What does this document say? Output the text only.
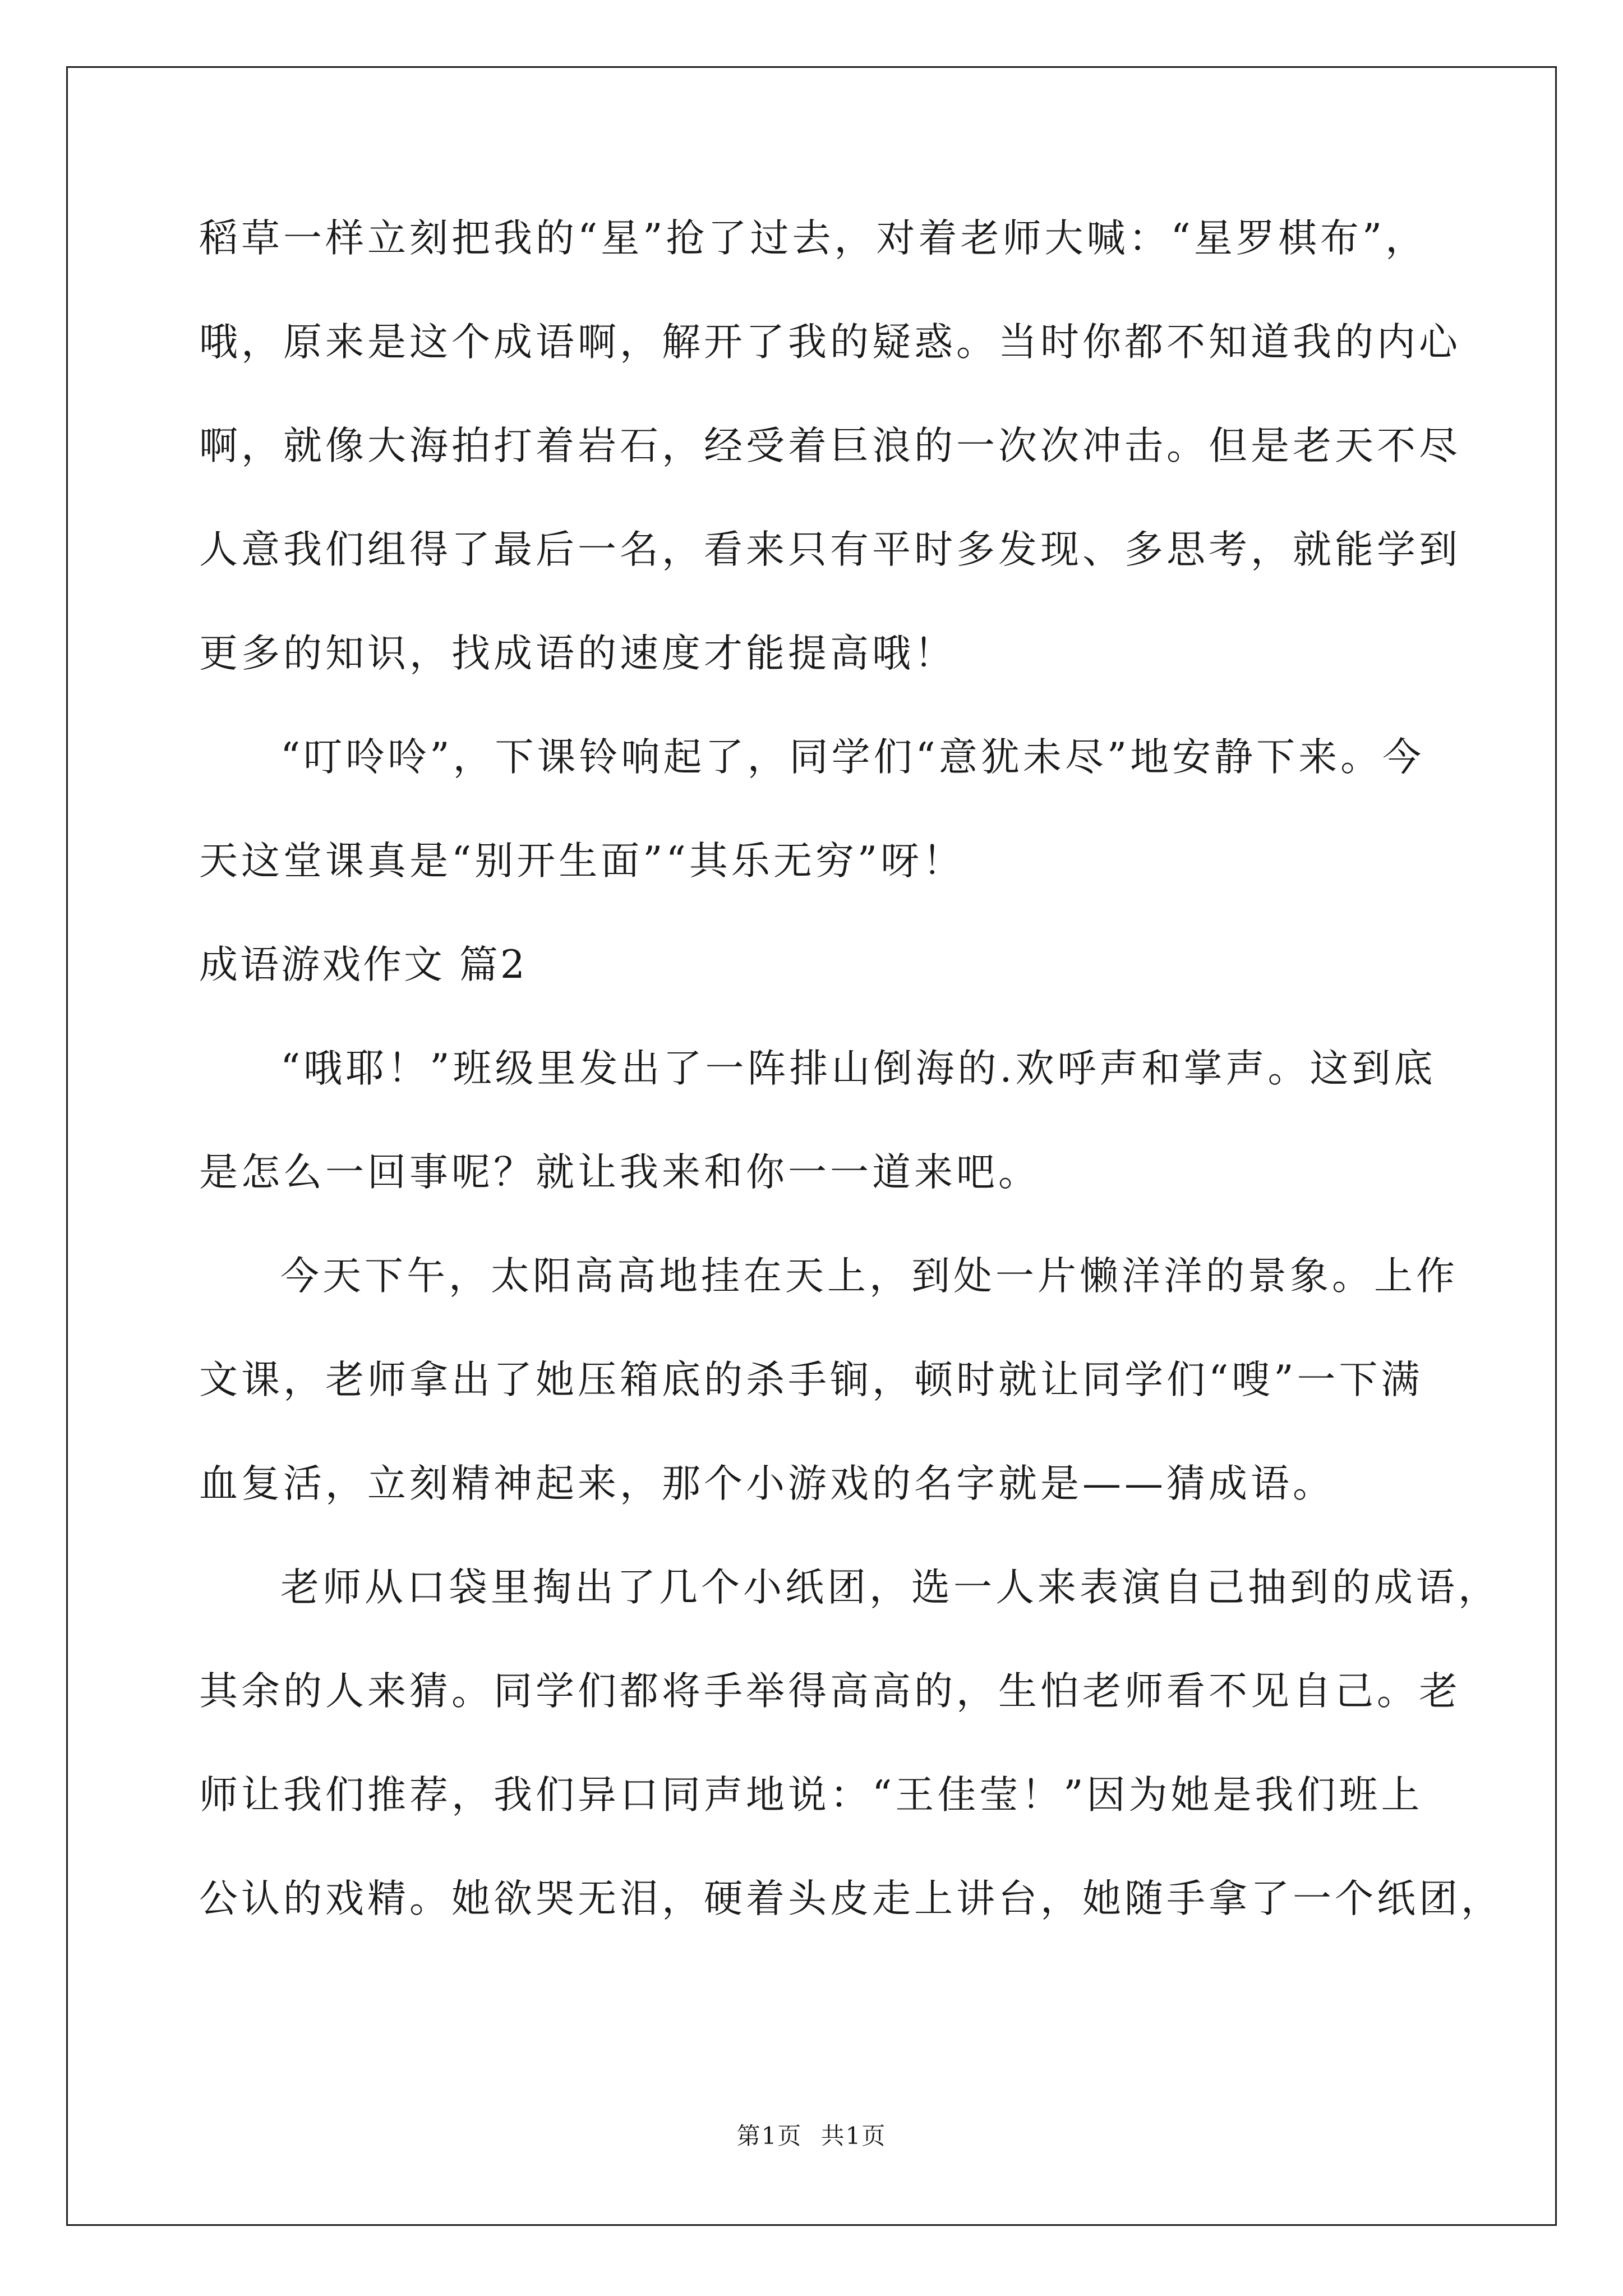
稻草一样立刻把我的“星”抢了过去，对着老师大喊：“星罗棋布”，
哦，原来是这个成语啊，解开了我的疑惑。当时你都不知道我的内心
啊，就像大海拍打着岩石，经受着巨浪的一次次冲击。但是老天不尽
人意我们组得了最后一名，看来只有平时多发现、多思考，就能学到
更多的知识，找成语的速度才能提高哦！
“叮呤呤”，下课铃响起了，同学们“意犹未尽”地安静下来。今
天这堂课真是“别开生面”“其乐无穷”呀！
成语游戏作文 篇2
“哦耶！”班级里发出了一阵排山倒海的.欢呼声和掌声。这到底
是怎么一回事呢？就让我来和你一一道来吧。
今天下午，太阳高高地挂在天上，到处一片懒洋洋的景象。上作
文课，老师拿出了她压箱底的杀手锏，顿时就让同学们“嗖”一下满
血复活，立刻精神起来，那个小游戏的名字就是——猜成语。
老师从口袋里掏出了几个小纸团，选一人来表演自己抽到的成语，
其余的人来猜。同学们都将手举得高高的，生怕老师看不见自己。老
师让我们推荐，我们异口同声地说：“王佳莹！”因为她是我们班上
公认的戏精。她欲哭无泪，硬着头皮走上讲台，她随手拿了一个纸团，
第1页 共1页
